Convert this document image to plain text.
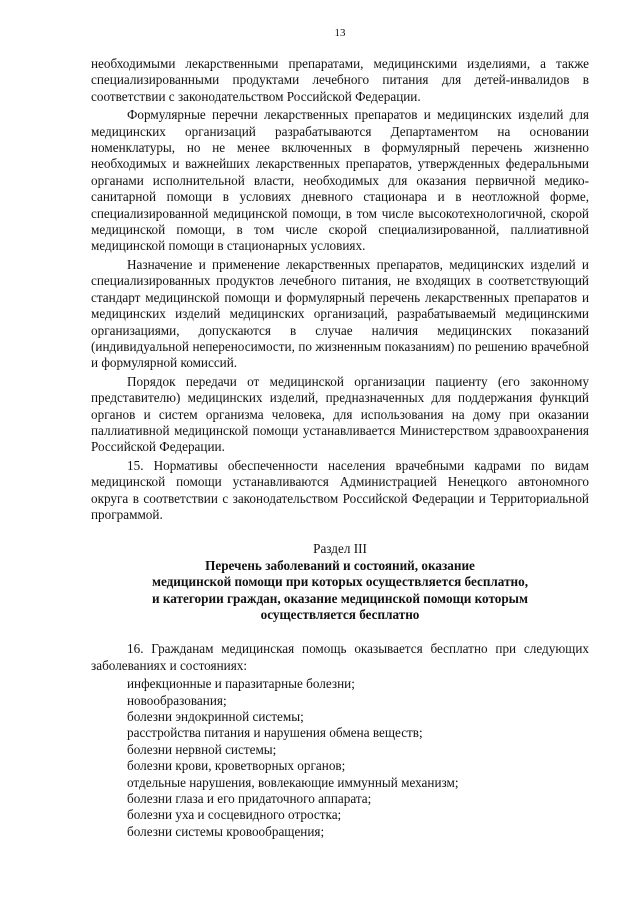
13

необходимыми лекарственными препаратами, медицинскими изделиями, а также специализированными продуктами лечебного питания для детей-инвалидов в соответствии с законодательством Российской Федерации.

Формулярные перечни лекарственных препаратов и медицинских изделий для медицинских организаций разрабатываются Департаментом на основании номенклатуры, но не менее включенных в формулярный перечень жизненно необходимых и важнейших лекарственных препаратов, утвержденных федеральными органами исполнительной власти, необходимых для оказания первичной медико-санитарной помощи в условиях дневного стационара и в неотложной форме, специализированной медицинской помощи, в том числе высокотехнологичной, скорой медицинской помощи, в том числе скорой специализированной, паллиативной медицинской помощи в стационарных условиях.

Назначение и применение лекарственных препаратов, медицинских изделий и специализированных продуктов лечебного питания, не входящих в соответствующий стандарт медицинской помощи и формулярный перечень лекарственных препаратов и медицинских изделий медицинских организаций, разрабатываемый медицинскими организациями, допускаются в случае наличия медицинских показаний (индивидуальной непереносимости, по жизненным показаниям) по решению врачебной и формулярной комиссий.

Порядок передачи от медицинской организации пациенту (его законному представителю) медицинских изделий, предназначенных для поддержания функций органов и систем организма человека, для использования на дому при оказании паллиативной медицинской помощи устанавливается Министерством здравоохранения Российской Федерации.

15. Нормативы обеспеченности населения врачебными кадрами по видам медицинской помощи устанавливаются Администрацией Ненецкого автономного округа в соответствии с законодательством Российской Федерации и Территориальной программой.

Раздел III
Перечень заболеваний и состояний, оказание
медицинской помощи при которых осуществляется бесплатно,
и категории граждан, оказание медицинской помощи которым
осуществляется бесплатно

16. Гражданам медицинская помощь оказывается бесплатно при следующих заболеваниях и состояниях:

инфекционные и паразитарные болезни;
новообразования;
болезни эндокринной системы;
расстройства питания и нарушения обмена веществ;
болезни нервной системы;
болезни крови, кроветворных органов;
отдельные нарушения, вовлекающие иммунный механизм;
болезни глаза и его придаточного аппарата;
болезни уха и сосцевидного отростка;
болезни системы кровообращения;
